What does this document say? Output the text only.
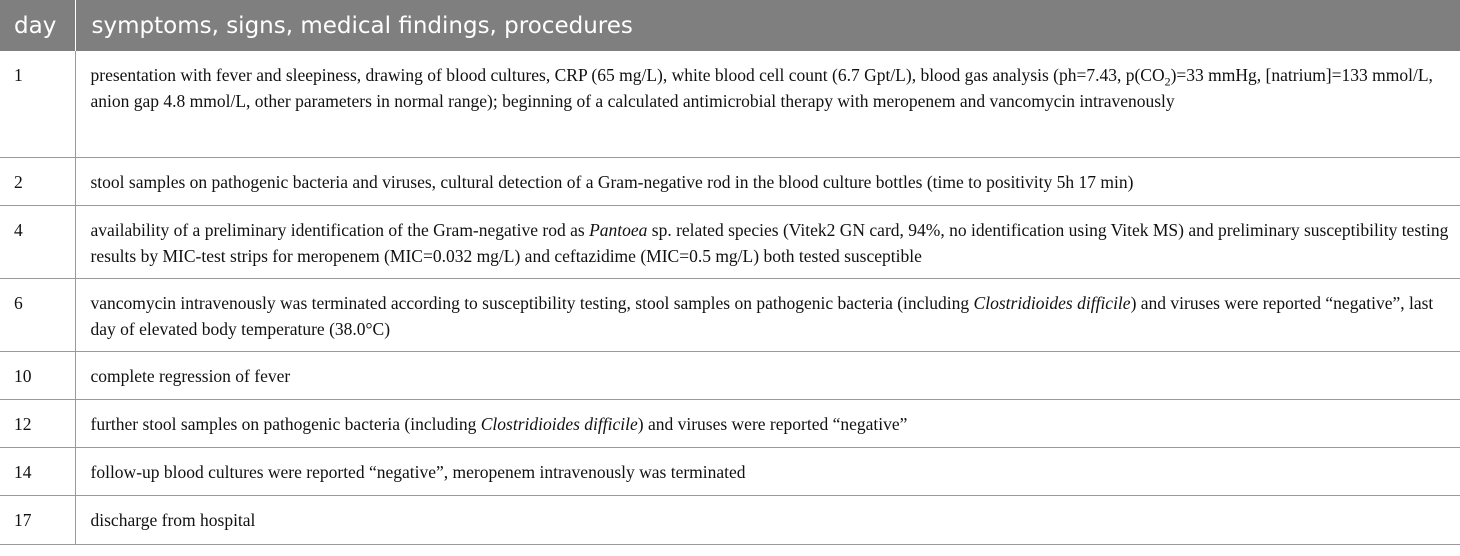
day	symptoms, signs, medical findings, procedures
1	presentation with fever and sleepiness, drawing of blood cultures, CRP (65 mg/L), white blood cell count (6.7 Gpt/L), blood gas analysis (ph=7.43, $p(CO_2)=33$ mmHg, [natrium]=133 mmol/L, anion gap 4.8 mmol/L, other parameters in normal range); beginning of a calculated antimicrobial therapy with meropenem and vancomycin intravenously
2	stool samples on pathogenic bacteria and viruses, cultural detection of a Gram-negative rod in the blood culture bottles (time to positivity 5h 17 min)
4	availability of a preliminary identification of the Gram-negative rod as Pantoea sp. related species (Vitek2 GN card, 94%, no identification using Vitek MS) and preliminary susceptibility testing results by MIC-test strips for meropenem (MIC=0.032 mg/L) and ceftazidime (MIC=0.5 mg/L) both tested susceptible
6	vancomycin intravenously was terminated according to susceptibility testing, stool samples on pathogenic bacteria (including Clostridioides difficile) and viruses were reported “negative”, last day of elevated body temperature (38.0°C)
10	complete regression of fever
12	further stool samples on pathogenic bacteria (including Clostridioides difficile) and viruses were reported “negative”
14	follow-up blood cultures were reported “negative”, meropenem intravenously was terminated
17	discharge from hospital
